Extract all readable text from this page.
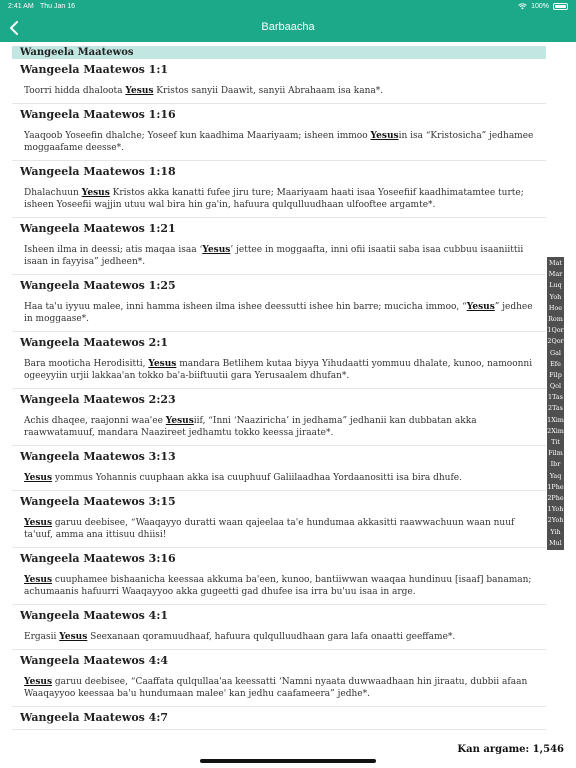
2:41 AM Thu Jan 16	100%
Barbaacha
Wangeela Maatewos
Wangeela Maatewos 1:1
Toorri hidda dhaloota Yesus Kristos sanyii Daawit, sanyii Abrahaam isa kana*.
Wangeela Maatewos 1:16
Yaaqoob Yoseefin dhalche; Yoseef kun kaadhima Maariyaam; isheen immoo Yesusin isa “Kristosicha” jedhamee moggaafame deesse*.
Wangeela Maatewos 1:18
Dhalachuun Yesus Kristos akka kanatti fufee jiru ture; Maariyaam haati isaa Yoseefiif kaadhimatamtee turte; isheen Yoseefii wajjin utuu wal bira hin ga'in, hafuura qulqulluudhaan ulfooftee argamte*.
Wangeela Maatewos 1:21
Isheen ilma in deessi; atis maqaa isaa ‘Yesus’ jettee in moggaafta, inni ofii isaatii saba isaa cubbuu isaaniittii isaan in fayyisa” jedheen*.
Wangeela Maatewos 1:25
Haa ta'u iyyuu malee, inni hamma isheen ilma ishee deessutti ishee hin barre; mucicha immoo, “Yesus” jedhee in moggaase*.
Wangeela Maatewos 2:1
Bara mooticha Herodisitti, Yesus mandara Betlihem kutaa biyya Yihudaatti yommuu dhalate, kunoo, namoonni ogeeyyiin urjii lakkaa'an tokko ba'a-biiftuutii gara Yerusaalem dhufan*.
Wangeela Maatewos 2:23
Achis dhaqee, raajonni waa'ee Yesusiif, “Inni ‘Naaziricha’ in jedhama” jedhanii kan dubbatan akka raawwatamuuf, mandara Naazireet jedhamtu tokko keessa jiraate*.
Wangeela Maatewos 3:13
Yesus yommus Yohannis cuuphaan akka isa cuuphuuf Galiilaadhaa Yordaanositti isa bira dhufe.
Wangeela Maatewos 3:15
Yesus garuu deebisee, “Waaqayyo duratti waan qajeelaa ta'e hundumaa akkasitti raawwachuun waan nuuf ta'uuf, amma ana ittisuu dhiisi!
Wangeela Maatewos 3:16
Yesus cuuphamee bishaanicha keessaa akkuma ba'een, kunoo, bantiiwwan waaqaa hundinuu [isaaf] banaman; achumaanis hafuurri Waaqayyoo akka gugeetti gad dhufee isa irra bu'uu isaa in arge.
Wangeela Maatewos 4:1
Ergasii Yesus Seexanaan qoramuudhaaf, hafuura qulqulluudhaan gara lafa onaatti geeffame*.
Wangeela Maatewos 4:4
Yesus garuu deebisee, “Caaffata qulqullaa'aa keessatti ‘Namni nyaata duwwaadhaan hin jiraatu, dubbii afaan Waaqayyoo keessaa ba'u hundumaan malee' kan jedhu caafameera” jedhe*.
Wangeela Maatewos 4:7
Mat
Mar
Luq
Yoh
Hoe
Rom
1Qor
2Qor
Gal
Efe
Filp
Qol
1Tas
2Tas
1Xim
2Xim
Tit
Film
Ibr
Yaq
1Phe
2Phe
1Yoh
2Yoh
Yih
Mul
Kan argame: 1,546
